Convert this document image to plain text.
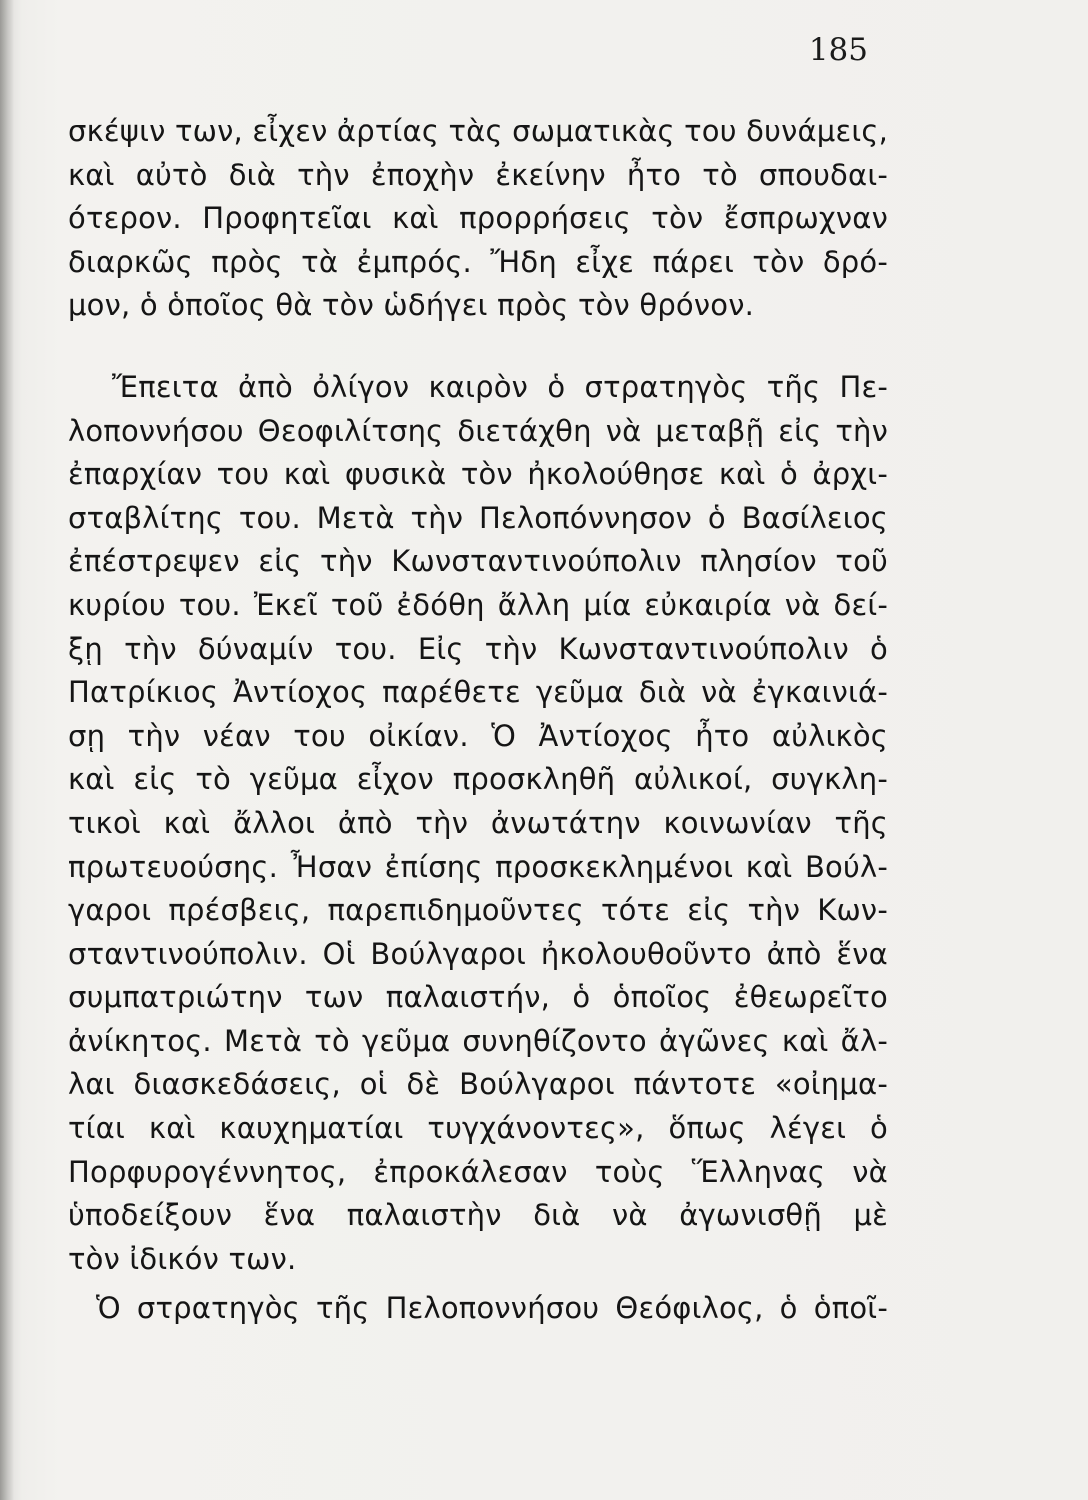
185
σκέψιν των, εἶχεν ἀρτίας τὰς σωματικὰς του δυνάμεις,
καὶ αὐτὸ διὰ τὴν ἐποχὴν ἐκείνην ἦτο τὸ σπουδαι-
ότερον. Προφητεῖαι καὶ προρρήσεις τὸν ἔσπρωχναν
διαρκῶς πρὸς τὰ ἐμπρός. Ἤδη εἶχε πάρει τὸν δρό-
μον, ὁ ὁποῖος θὰ τὸν ὡδήγει πρὸς τὸν θρόνον.
Ἔπειτα ἀπὸ ὀλίγον καιρὸν ὁ στρατηγὸς τῆς Πε-
λοποννήσου Θεοφιλίτσης διετάχθη νὰ μεταβῇ εἰς τὴν
ἐπαρχίαν του καὶ φυσικὰ τὸν ἠκολούθησε καὶ ὁ ἀρχι-
σταβλίτης του. Μετὰ τὴν Πελοπόννησον ὁ Βασίλειος
ἐπέστρεψεν εἰς τὴν Κωνσταντινούπολιν πλησίον τοῦ
κυρίου του. Ἐκεῖ τοῦ ἐδόθη ἄλλη μία εὐκαιρία νὰ δεί-
ξῃ τὴν δύναμίν του. Εἰς τὴν Κωνσταντινούπολιν ὁ
Πατρίκιος Ἀντίοχος παρέθετε γεῦμα διὰ νὰ ἐγκαινιά-
σῃ τὴν νέαν του οἰκίαν. Ὁ Ἀντίοχος ἦτο αὐλικὸς
καὶ εἰς τὸ γεῦμα εἶχον προσκληθῆ αὐλικοί, συγκλη-
τικοὶ καὶ ἄλλοι ἀπὸ τὴν ἀνωτάτην κοινωνίαν τῆς
πρωτευούσης. Ἦσαν ἐπίσης προσκεκλημένοι καὶ Βούλ-
γαροι πρέσβεις, παρεπιδημοῦντες τότε εἰς τὴν Κων-
σταντινούπολιν. Οἱ Βούλγαροι ἠκολουθοῦντο ἀπὸ ἕνα
συμπατριώτην των παλαιστήν, ὁ ὁποῖος ἐθεωρεῖτο
ἀνίκητος. Μετὰ τὸ γεῦμα συνηθίζοντο ἀγῶνες καὶ ἄλ-
λαι διασκεδάσεις, οἱ δὲ Βούλγαροι πάντοτε «οἰημα-
τίαι καὶ καυχηματίαι τυγχάνοντες», ὅπως λέγει ὁ
Πορφυρογέννητος, ἐπροκάλεσαν τοὺς Ἕλληνας νὰ
ὑποδείξουν ἕνα παλαιστὴν διὰ νὰ ἀγωνισθῇ μὲ
τὸν ἰδικόν των.
Ὁ στρατηγὸς τῆς Πελοποννήσου Θεόφιλος, ὁ ὁποῖ-
